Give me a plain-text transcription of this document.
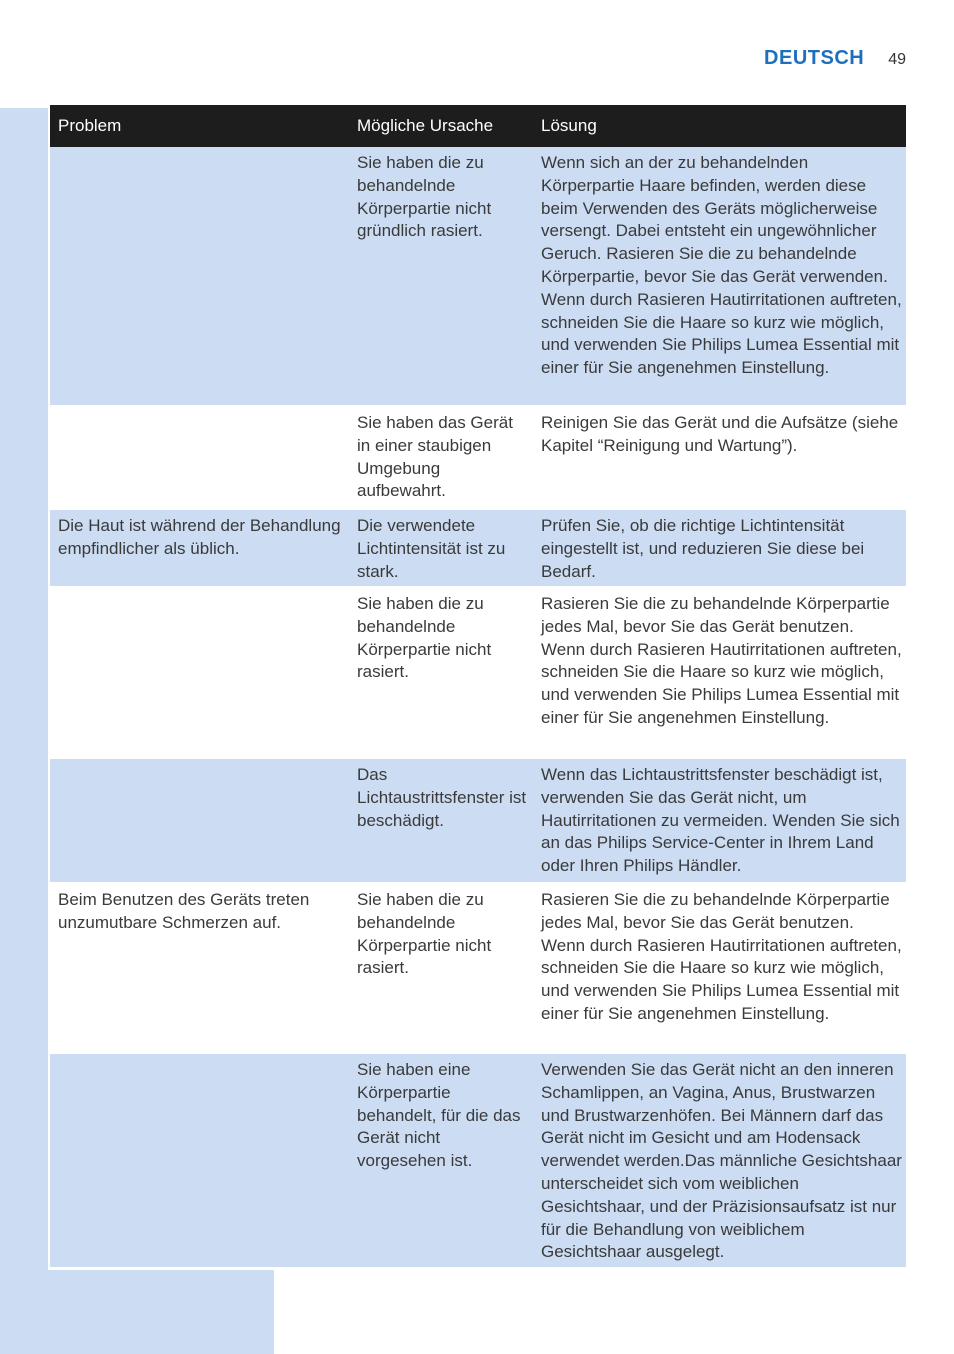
DEUTSCH 49
Problem	Mögliche Ursache	Lösung
Sie haben die zu behandelnde Körperpartie nicht gründlich rasiert.
Wenn sich an der zu behandelnden Körperpartie Haare befinden, werden diese beim Verwenden des Geräts möglicherweise versengt. Dabei entsteht ein ungewöhnlicher Geruch. Rasieren Sie die zu behandelnde Körperpartie, bevor Sie das Gerät verwenden. Wenn durch Rasieren Hautirritationen auftreten, schneiden Sie die Haare so kurz wie möglich, und verwenden Sie Philips Lumea Essential mit einer für Sie angenehmen Einstellung.
Sie haben das Gerät in einer staubigen Umgebung aufbewahrt.
Reinigen Sie das Gerät und die Aufsätze (siehe Kapitel “Reinigung und Wartung”).
Die Haut ist während der Behandlung empfindlicher als üblich.
Die verwendete Lichtintensität ist zu stark.
Prüfen Sie, ob die richtige Lichtintensität eingestellt ist, und reduzieren Sie diese bei Bedarf.
Sie haben die zu behandelnde Körperpartie nicht rasiert.
Rasieren Sie die zu behandelnde Körperpartie jedes Mal, bevor Sie das Gerät benutzen. Wenn durch Rasieren Hautirritationen auftreten, schneiden Sie die Haare so kurz wie möglich, und verwenden Sie Philips Lumea Essential mit einer für Sie angenehmen Einstellung.
Das Lichtaustrittsfenster ist beschädigt.
Wenn das Lichtaustrittsfenster beschädigt ist, verwenden Sie das Gerät nicht, um Hautirritationen zu vermeiden. Wenden Sie sich an das Philips Service-Center in Ihrem Land oder Ihren Philips Händler.
Beim Benutzen des Geräts treten unzumutbare Schmerzen auf.
Sie haben die zu behandelnde Körperpartie nicht rasiert.
Rasieren Sie die zu behandelnde Körperpartie jedes Mal, bevor Sie das Gerät benutzen. Wenn durch Rasieren Hautirritationen auftreten, schneiden Sie die Haare so kurz wie möglich, und verwenden Sie Philips Lumea Essential mit einer für Sie angenehmen Einstellung.
Sie haben eine Körperpartie behandelt, für die das Gerät nicht vorgesehen ist.
Verwenden Sie das Gerät nicht an den inneren Schamlippen, an Vagina, Anus, Brustwarzen und Brustwarzenhöfen. Bei Männern darf das Gerät nicht im Gesicht und am Hodensack verwendet werden.Das männliche Gesichtshaar unterscheidet sich vom weiblichen Gesichtshaar, und der Präzisionsaufsatz ist nur für die Behandlung von weiblichem Gesichtshaar ausgelegt.
